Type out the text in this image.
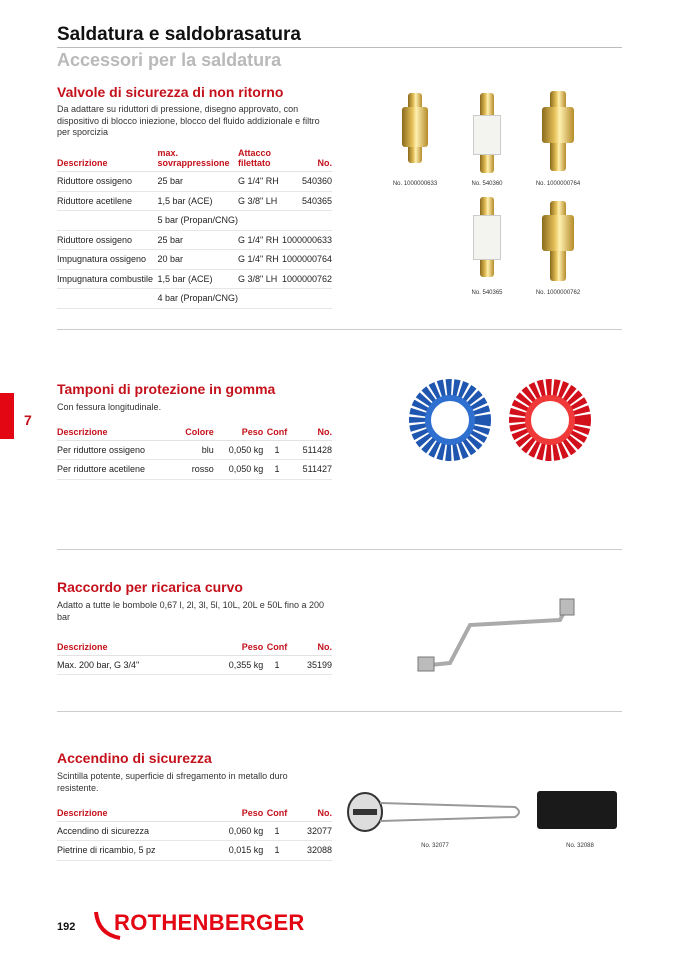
Saldatura e saldobrasatura
Accessori per la saldatura
7
Valvole di sicurezza di non ritorno
Da adattare su riduttori di pressione, disegno approvato, con dispositivo di blocco iniezione, blocco del fluido addizionale e filtro per sporcizia
Descrizione	max. sovrappressione	Attacco filettato	No.
Riduttore ossigeno	25 bar	G 1/4" RH	540360
Riduttore acetilene	1,5 bar (ACE)	G 3/8" LH	540365
	5 bar (Propan/CNG)		
Riduttore ossigeno	25 bar	G 1/4" RH	1000000633
Impugnatura ossigeno	20 bar	G 1/4" RH	1000000764
Impugnatura combustile	1,5 bar (ACE)	G 3/8" LH	1000000762
	4 bar (Propan/CNG)		
No. 1000000633	No. 540360	No. 1000000764
No. 540365	No. 1000000762
Tamponi di protezione in gomma
Con fessura longitudinale.
Descrizione	Colore	Peso	Conf	No.
Per riduttore ossigeno	blu	0,050 kg	1	511428
Per riduttore acetilene	rosso	0,050 kg	1	511427
Raccordo per ricarica curvo
Adatto a tutte le bombole 0,67 l, 2l, 3l, 5l, 10L, 20L e 50L fino a 200 bar
Descrizione	Peso	Conf	No.
Max. 200 bar, G 3/4"	0,355 kg	1	35199
Accendino di sicurezza
Scintilla potente, superficie di sfregamento in metallo duro resistente.
Descrizione	Peso	Conf	No.
Accendino di sicurezza	0,060 kg	1	32077
Pietrine di ricambio, 5 pz	0,015 kg	1	32088	No. 32077	No. 32088
192 ROTHENBERGER
